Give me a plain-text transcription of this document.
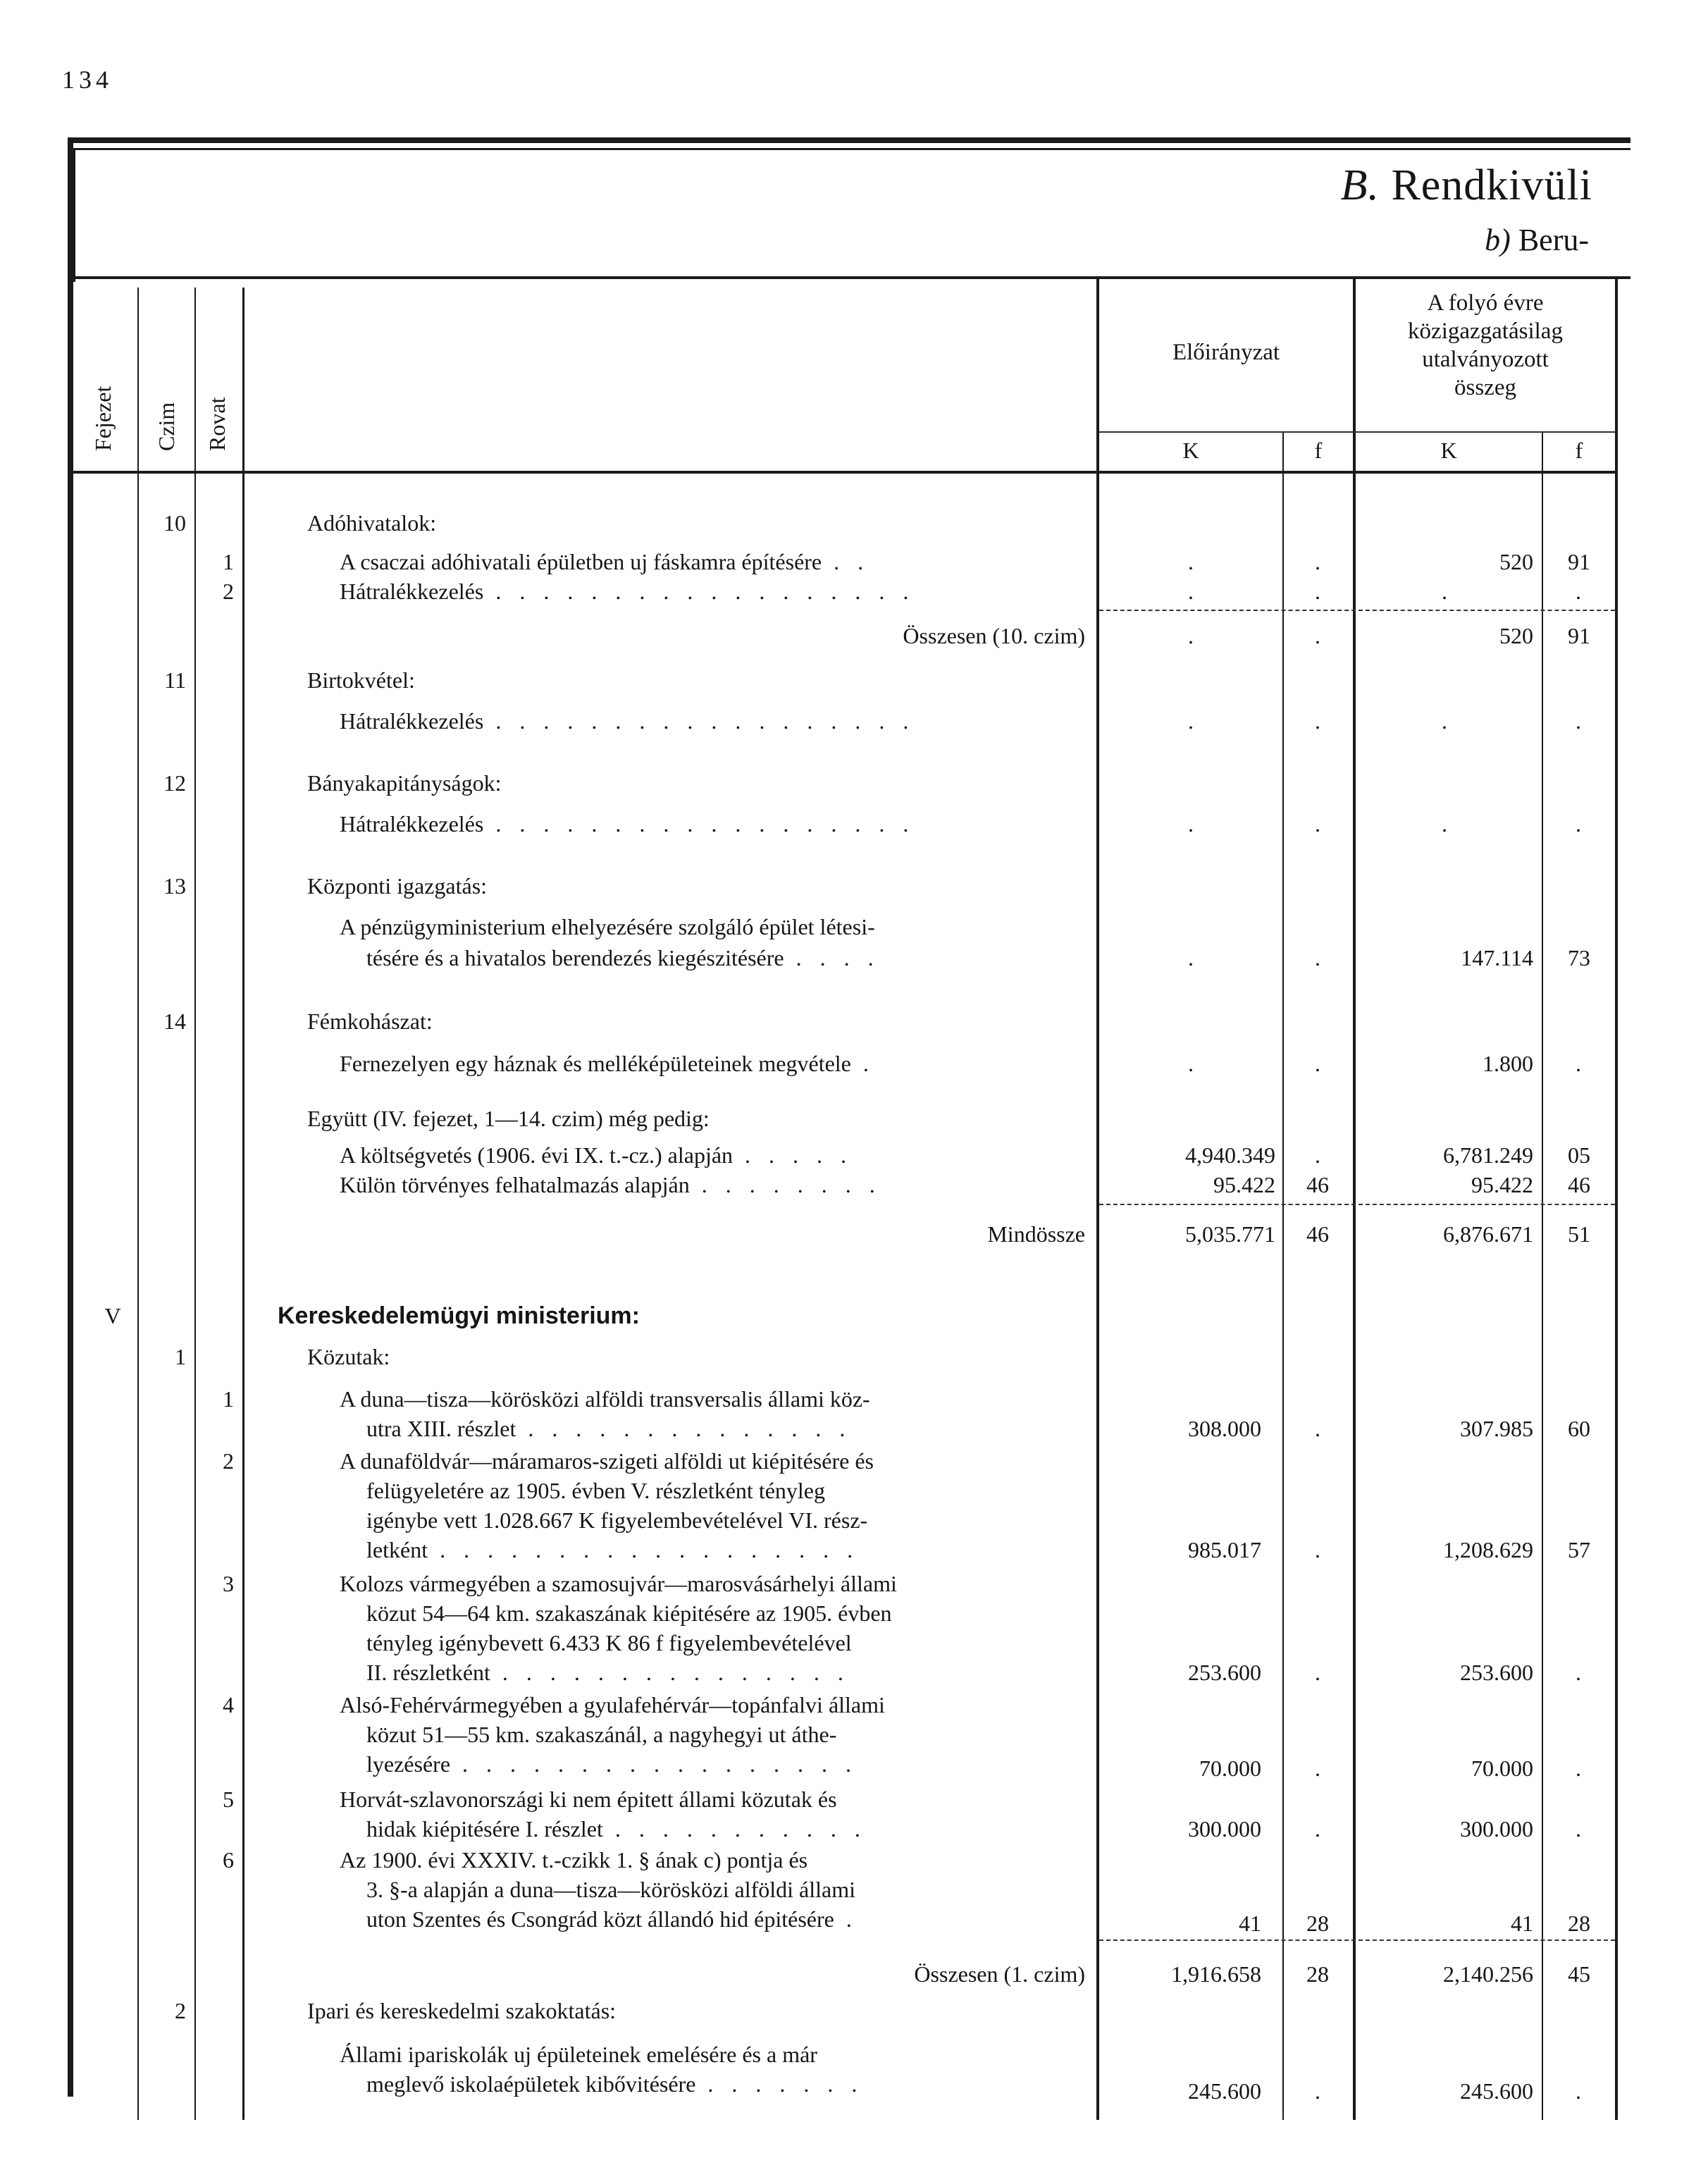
134
B. Rendkivüli
b) Beru-
Fejezet Czim Rovat
Előirányzat
A folyó évre
közigazgatásilag
utalványozott
összeg
K	f	K	f
10	Adóhivatalok:
1	A csaczai adóhivatali épületben uj fáskamra építésére . .	.	.	520	91
2	Hátralékkezelés . . . . . . . . . . . . . . . . . .	.	.	.	.
Összesen (10. czim)	.	.	520	91
11	Birtokvétel:
Hátralékkezelés . . . . . . . . . . . . . . . . . .	.	.	.	.
12	Bányakapitányságok:
Hátralékkezelés . . . . . . . . . . . . . . . . . .	.	.	.	.
13	Központi igazgatás:
A pénzügyministerium elhelyezésére szolgáló épület létesi-
tésére és a hivatalos berendezés kiegészitésére . . . .	.	.	147.114	73
14	Fémkohászat:
Fernezelyen egy háznak és melléképületeinek megvétele .	.	.	1.800	.
Együtt (IV. fejezet, 1—14. czim) még pedig:
A költségvetés (1906. évi IX. t.-cz.) alapján . . . . .	4,940.349	.	6,781.249	05
Külön törvényes felhatalmazás alapján . . . . . . . .	95.422	46	95.422	46
Mindössze	5,035.771	46	6,876.671	51
V	Kereskedelemügyi ministerium:
1	Közutak:
1	A duna—tisza—körösközi alföldi transversalis állami köz-
utra XIII. részlet . . . . . . . . . . . . . .	308.000	.	307.985	60
2	A dunaföldvár—máramaros-szigeti alföldi ut kiépitésére és
felügyeletére az 1905. évben V. részletként tényleg
igénybe vett 1.028.667 K figyelembevételével VI. rész-
letként . . . . . . . . . . . . . . . . . .	985.017	.	1,208.629	57
3	Kolozs vármegyében a szamosujvár—marosvásárhelyi állami
közut 54—64 km. szakaszának kiépitésére az 1905. évben
tényleg igénybevett 6.433 K 86 f figyelembevételével
II. részletként . . . . . . . . . . . . . . .	253.600	.	253.600	.
4	Alsó-Fehérvármegyében a gyulafehérvár—topánfalvi állami
közut 51—55 km. szakaszánál, a nagyhegyi ut áthe-
lyezésére . . . . . . . . . . . . . . . . .	70.000	.	70.000	.
5	Horvát-szlavonországi ki nem épitett állami közutak és
hidak kiépitésére I. részlet . . . . . . . . . . .	300.000	.	300.000	.
6	Az 1900. évi XXXIV. t.-czikk 1. § ának c) pontja és
3. §-a alapján a duna—tisza—körösközi alföldi állami
uton Szentes és Csongrád közt állandó hid épitésére .	41	28	41	28
Összesen (1. czim)	1,916.658	28	2,140.256	45
2	Ipari és kereskedelmi szakoktatás:
Állami ipariskolák uj épületeinek emelésére és a már
meglevő iskolaépületek kibővitésére . . . . . . .	245.600	.	245.600	.
